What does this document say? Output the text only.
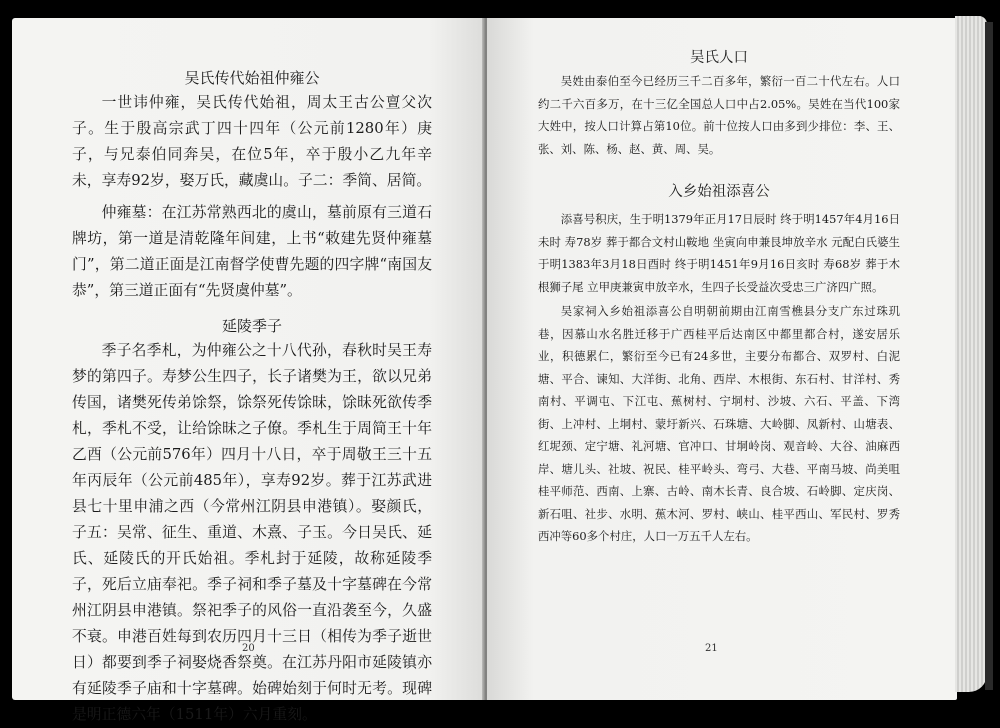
吴氏传代始祖仲雍公

一世讳仲雍，吴氏传代始祖，周太王古公亶父次子。生于殷高宗武丁四十四年（公元前1280年）庚子，与兄泰伯同奔吴，在位5年，卒于殷小乙九年辛未，享寿92岁，娶万氏，藏虞山。子二：季简、居简。

仲雍墓：在江苏常熟西北的虞山，墓前原有三道石牌坊，第一道是清乾隆年间建，上书“敕建先贤仲雍墓门”，第二道正面是江南督学使曹先题的四字牌“南国友恭”，第三道正面有“先贤虞仲墓”。

延陵季子

季子名季札，为仲雍公之十八代孙，春秋时吴王寿梦的第四子。寿梦公生四子，长子诸樊为王，欲以兄弟传国，诸樊死传弟馀祭，馀祭死传馀昧，馀昧死欲传季札，季札不受，让给馀昧之子僚。季札生于周简王十年乙酉（公元前576年）四月十八日，卒于周敬王三十五年丙辰年（公元前485年），享寿92岁。葬于江苏武进县七十里申浦之西（今常州江阴县申港镇）。娶颜氏，子五：吴常、征生、重道、木熹、子玉。今日吴氏、延氏、延陵氏的开氏始祖。季札封于延陵，故称延陵季子，死后立庙奉祀。季子祠和季子墓及十字墓碑在今常州江阴县申港镇。祭祀季子的风俗一直沿袭至今，久盛不衰。申港百姓每到农历四月十三日（相传为季子逝世日）都要到季子祠娶烧香祭奠。在江苏丹阳市延陵镇亦有延陵季子庙和十字墓碑。始碑始刻于何时无考。现碑是明正德六年（1511年）六月重刻。

20
吴氏人口

吴姓由泰伯至今已经历三千二百多年，繁衍一百二十代左右。人口约二千六百多万，在十三亿全国总人口中占2.05%。吴姓在当代100家大姓中，按人口计算占第10位。前十位按人口由多到少排位：李、王、张、刘、陈、杨、赵、黄、周、吴。

入乡始祖添喜公

添喜号积庆，生于明1379年正月17日辰时 终于明1457年4月16日未时 寿78岁 葬于都合文村山鞍地 坐寅向申兼艮坤放辛水 元配白氏婆生于明1383年3月18日酉时 终于明1451年9月16日亥时 寿68岁 葬于木根狮子尾 立甲庚兼寅申放辛水，生四子长受益次受忠三广济四广照。

吴家祠入乡始祖添喜公自明朝前期由江南雪樵县分支广东过珠玑巷，因慕山水名胜迁移于广西桂平后达南区中都里都合村，遂安居乐业，积德累仁，繁衍至今已有24多世，主要分布都合、双罗村、白泥塘、平合、谏知、大洋街、北角、西岸、木根街、东石村、甘洋村、秀南村、平调屯、下江屯、蕉树村、宁垌村、沙坡、六石、平盖、下湾街、上冲村、上垌村、蒙圩新兴、石珠塘、大岭脚、凤新村、山塘表、红坭颈、定宁塘、礼河塘、官冲口、甘垌岭岗、观音岭、大谷、油麻西岸、塘儿头、社坡、祝民、桂平岭头、弯弓、大巷、平南马坡、尚美咀 桂平师范、西南、上寨、古岭、南木长青、良合坡、石岭脚、定庆岗、新石咀、社步、水明、蕉木河、罗村、峡山、桂平西山、军民村、罗秀西冲等60多个村庄，人口一万五千人左右。

21
